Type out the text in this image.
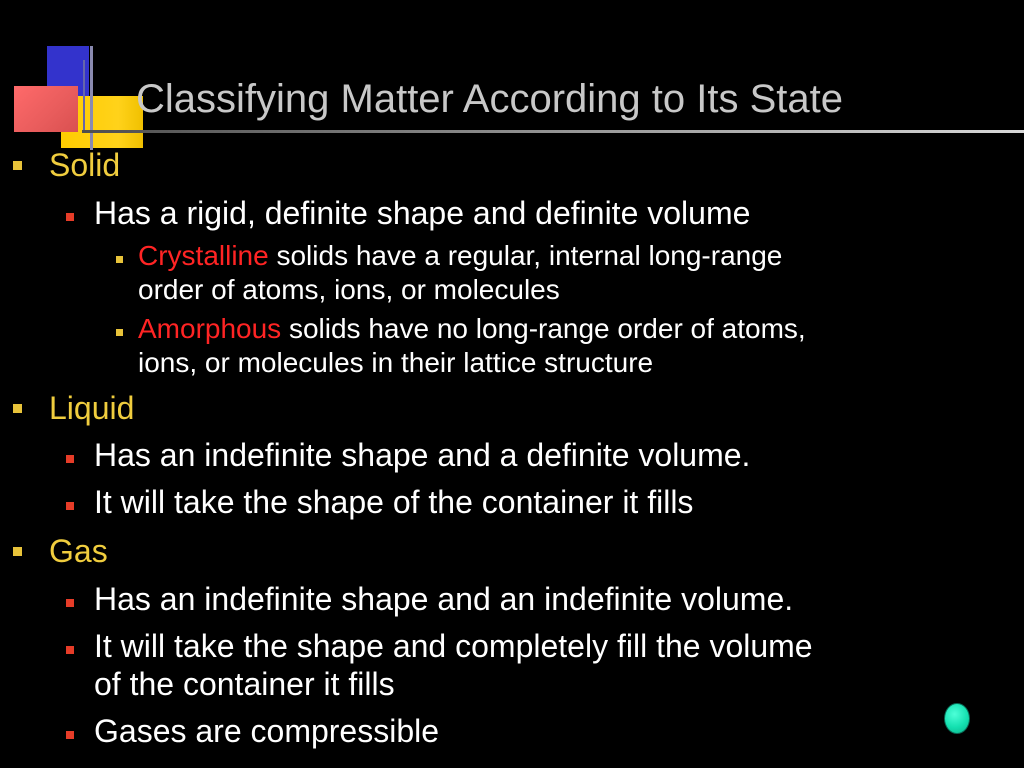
Classifying Matter According to Its State
Solid
Has a rigid, definite shape and definite volume
Crystalline solids have a regular, internal long-range
order of atoms, ions, or molecules
Amorphous solids have no long-range order of atoms,
ions, or molecules in their lattice structure
Liquid
Has an indefinite shape and a definite volume.
It will take the shape of the container it fills
Gas
Has an indefinite shape and an indefinite volume.
It will take the shape and completely fill the volume
of the container it fills
Gases are compressible
